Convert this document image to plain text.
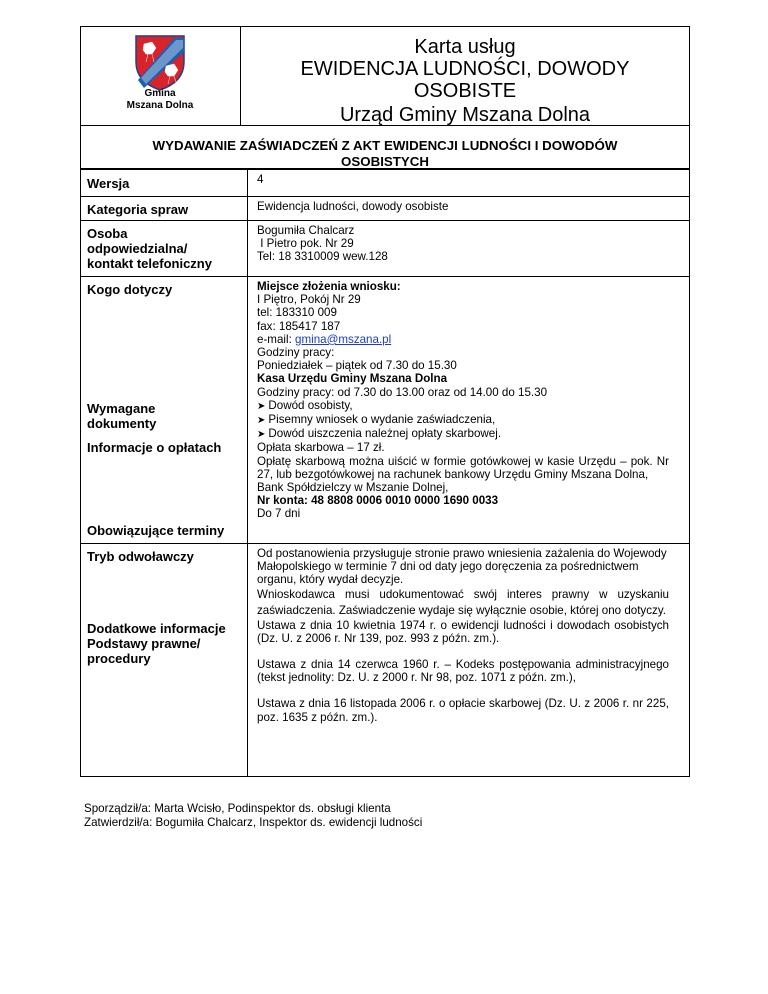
Gmina
Mszana Dolna
Karta usług
EWIDENCJA LUDNOŚCI, DOWODY
OSOBISTE
Urząd Gminy Mszana Dolna
WYDAWANIE ZAŚWIADCZEŃ Z AKT EWIDENCJI LUDNOŚCI I DOWODÓW
OSOBISTYCH
Wersja	4
Kategoria spraw	Ewidencja ludności, dowody osobiste
Osoba
odpowiedzialna/
kontakt telefoniczny
Bogumiła Chalcarz
I Pietro pok. Nr 29
Tel: 18 3310009 wew.128
Kogo dotyczy
Wymagane
dokumenty
Informacje o opłatach
Obowiązujące terminy
Miejsce złożenia wniosku:
I Piętro, Pokój Nr 29
tel: 183310 009
fax: 185417 187
e-mail: gmina@mszana.pl
Godziny pracy:
Poniedziałek – piątek od 7.30 do 15.30
Kasa Urzędu Gminy Mszana Dolna
Godziny pracy: od 7.30 do 13.00 oraz od 14.00 do 15.30
➤ Dowód osobisty,
➤ Pisemny wniosek o wydanie zaświadczenia,
➤ Dowód uiszczenia należnej opłaty skarbowej.
Opłata skarbowa – 17 zł.
Opłatę skarbową można uiścić w formie gotówkowej w kasie Urzędu – pok. Nr 27, lub bezgotówkowej na rachunek bankowy Urzędu Gminy Mszana Dolna,
Bank Spółdzielczy w Mszanie Dolnej,
Nr konta: 48 8808 0006 0010 0000 1690 0033
Do 7 dni
Tryb odwoławczy
Dodatkowe informacje
Podstawy prawne/
procedury
Od postanowienia przysługuje stronie prawo wniesienia zażalenia do Wojewody Małopolskiego w terminie 7 dni od daty jego doręczenia za pośrednictwem organu, który wydał decyzje.
Wnioskodawca musi udokumentować swój interes prawny w uzyskaniu zaświadczenia. Zaświadczenie wydaje się wyłącznie osobie, której ono dotyczy.
Ustawa z dnia 10 kwietnia 1974 r. o ewidencji ludności i dowodach osobistych (Dz. U. z 2006 r. Nr 139, poz. 993 z późn. zm.).
Ustawa z dnia 14 czerwca 1960 r. – Kodeks postępowania administracyjnego (tekst jednolity: Dz. U. z 2000 r. Nr 98, poz. 1071 z późn. zm.),
Ustawa z dnia 16 listopada 2006 r. o opłacie skarbowej (Dz. U. z 2006 r. nr 225, poz. 1635 z późn. zm.).
Sporządził/a: Marta Wcisło, Podinspektor ds. obsługi klienta
Zatwierdził/a: Bogumiła Chalcarz, Inspektor ds. ewidencji ludności
